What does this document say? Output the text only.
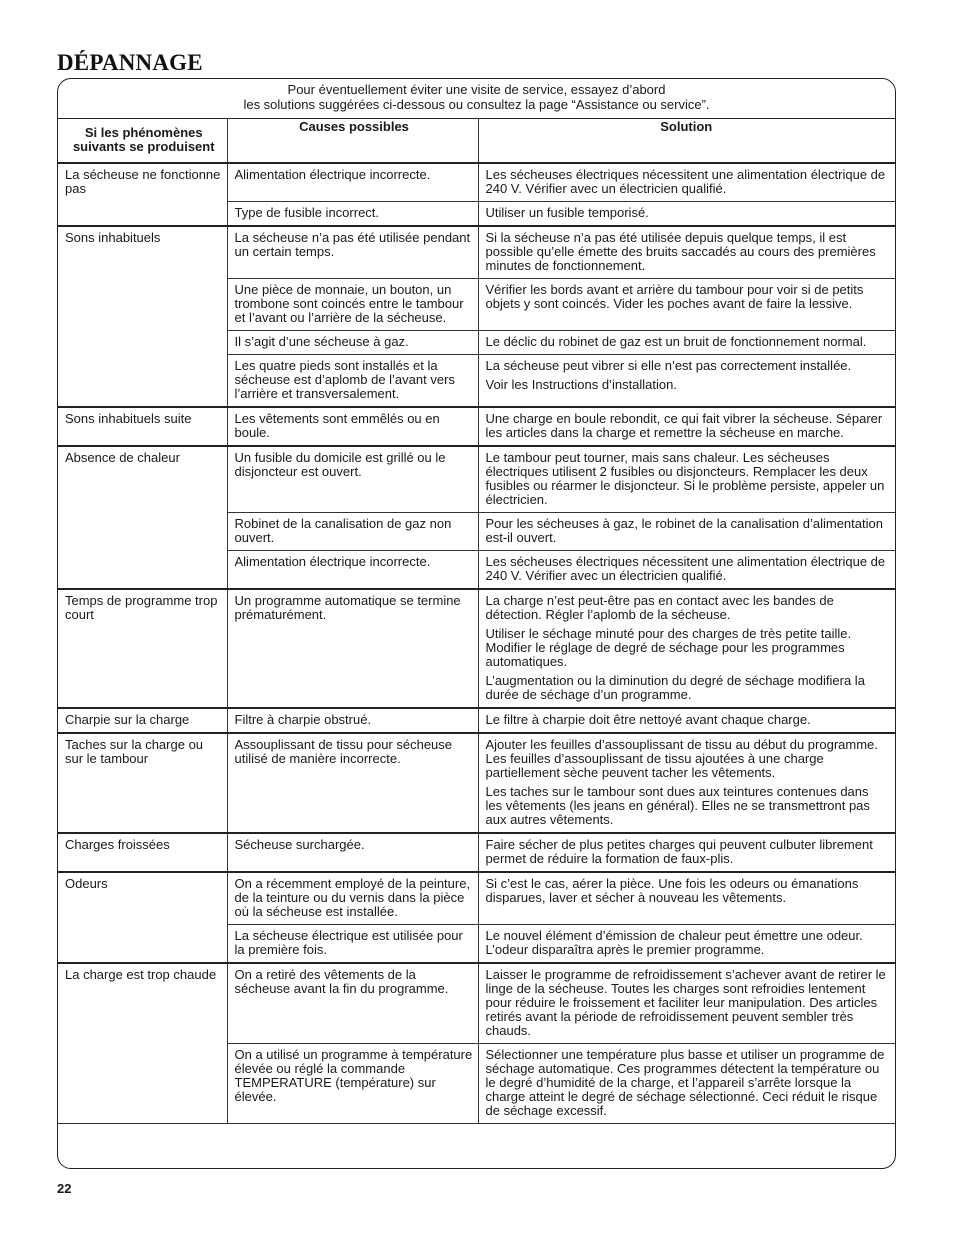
DÉPANNAGE
Pour éventuellement éviter une visite de service, essayez d’abord
les solutions suggérées ci-dessous ou consultez la page “Assistance ou service”.
Si les phénomènes suivants se produisent	Causes possibles	Solution
La sécheuse ne fonctionne pas	Alimentation électrique incorrecte.	Les sécheuses électriques nécessitent une alimentation électrique de 240 V. Vérifier avec un électricien qualifié.

	Type de fusible incorrect.	Utiliser un fusible temporisé.

Sons inhabituels	La sécheuse n’a pas été utilisée pendant un certain temps.	Si la sécheuse n’a pas été utilisée depuis quelque temps, il est possible qu’elle émette des bruits saccadés au cours des premières minutes de fonctionnement.

	Une pièce de monnaie, un bouton, un trombone sont coincés entre le tambour et l’avant ou l’arrière de la sécheuse.	Vérifier les bords avant et arrière du tambour pour voir si de petits objets y sont coincés. Vider les poches avant de faire la lessive.

	Il s’agit d’une sécheuse à gaz.	Le déclic du robinet de gaz est un bruit de fonctionnement normal.

	Les quatre pieds sont installés et la sécheuse est d’aplomb de l’avant vers l’arrière et transversalement.	La sécheuse peut vibrer si elle n’est pas correctement installée.

Voir les Instructions d’installation.

Sons inhabituels suite	Les vêtements sont emmêlés ou en boule.	Une charge en boule rebondit, ce qui fait vibrer la sécheuse. Séparer les articles dans la charge et remettre la sécheuse en marche.

Absence de chaleur	Un fusible du domicile est grillé ou le disjoncteur est ouvert.	Le tambour peut tourner, mais sans chaleur. Les sécheuses électriques utilisent 2 fusibles ou disjoncteurs. Remplacer les deux fusibles ou réarmer le disjoncteur. Si le problème persiste, appeler un électricien.

	Robinet de la canalisation de gaz non ouvert.	Pour les sécheuses à gaz, le robinet de la canalisation d’alimentation est-il ouvert.

	Alimentation électrique incorrecte.	Les sécheuses électriques nécessitent une alimentation électrique de 240 V. Vérifier avec un électricien qualifié.

Temps de programme trop court	Un programme automatique se termine prématurément.	La charge n’est peut-être pas en contact avec les bandes de détection. Régler l’aplomb de la sécheuse.

Utiliser le séchage minuté pour des charges de très petite taille. Modifier le réglage de degré de séchage pour les programmes automatiques.

L’augmentation ou la diminution du degré de séchage modifiera la durée de séchage d’un programme.

Charpie sur la charge	Filtre à charpie obstrué.	Le filtre à charpie doit être nettoyé avant chaque charge.

Taches sur la charge ou sur le tambour	Assouplissant de tissu pour sécheuse utilisé de manière incorrecte.	Ajouter les feuilles d’assouplissant de tissu au début du programme. Les feuilles d’assouplissant de tissu ajoutées à une charge partiellement sèche peuvent tacher les vêtements.

Les taches sur le tambour sont dues aux teintures contenues dans les vêtements (les jeans en général). Elles ne se transmettront pas aux autres vêtements.

Charges froissées	Sécheuse surchargée.	Faire sécher de plus petites charges qui peuvent culbuter librement permet de réduire la formation de faux-plis.

Odeurs	On a récemment employé de la peinture, de la teinture ou du vernis dans la pièce où la sécheuse est installée.	Si c’est le cas, aérer la pièce. Une fois les odeurs ou émanations disparues, laver et sécher à nouveau les vêtements.

	La sécheuse électrique est utilisée pour la première fois.	Le nouvel élément d’émission de chaleur peut émettre une odeur. L’odeur disparaîtra après le premier programme.

La charge est trop chaude	On a retiré des vêtements de la sécheuse avant la fin du programme.	Laisser le programme de refroidissement s’achever avant de retirer le linge de la sécheuse. Toutes les charges sont refroidies lentement pour réduire le froissement et faciliter leur manipulation. Des articles retirés avant la période de refroidissement peuvent sembler très chauds.

	On a utilisé un programme à température élevée ou réglé la commande TEMPERATURE (température) sur élevée.	Sélectionner une température plus basse et utiliser un programme de séchage automatique. Ces programmes détectent la température ou le degré d’humidité de la charge, et l’appareil s’arrête lorsque la charge atteint le degré de séchage sélectionné. Ceci réduit le risque de séchage excessif.

22
